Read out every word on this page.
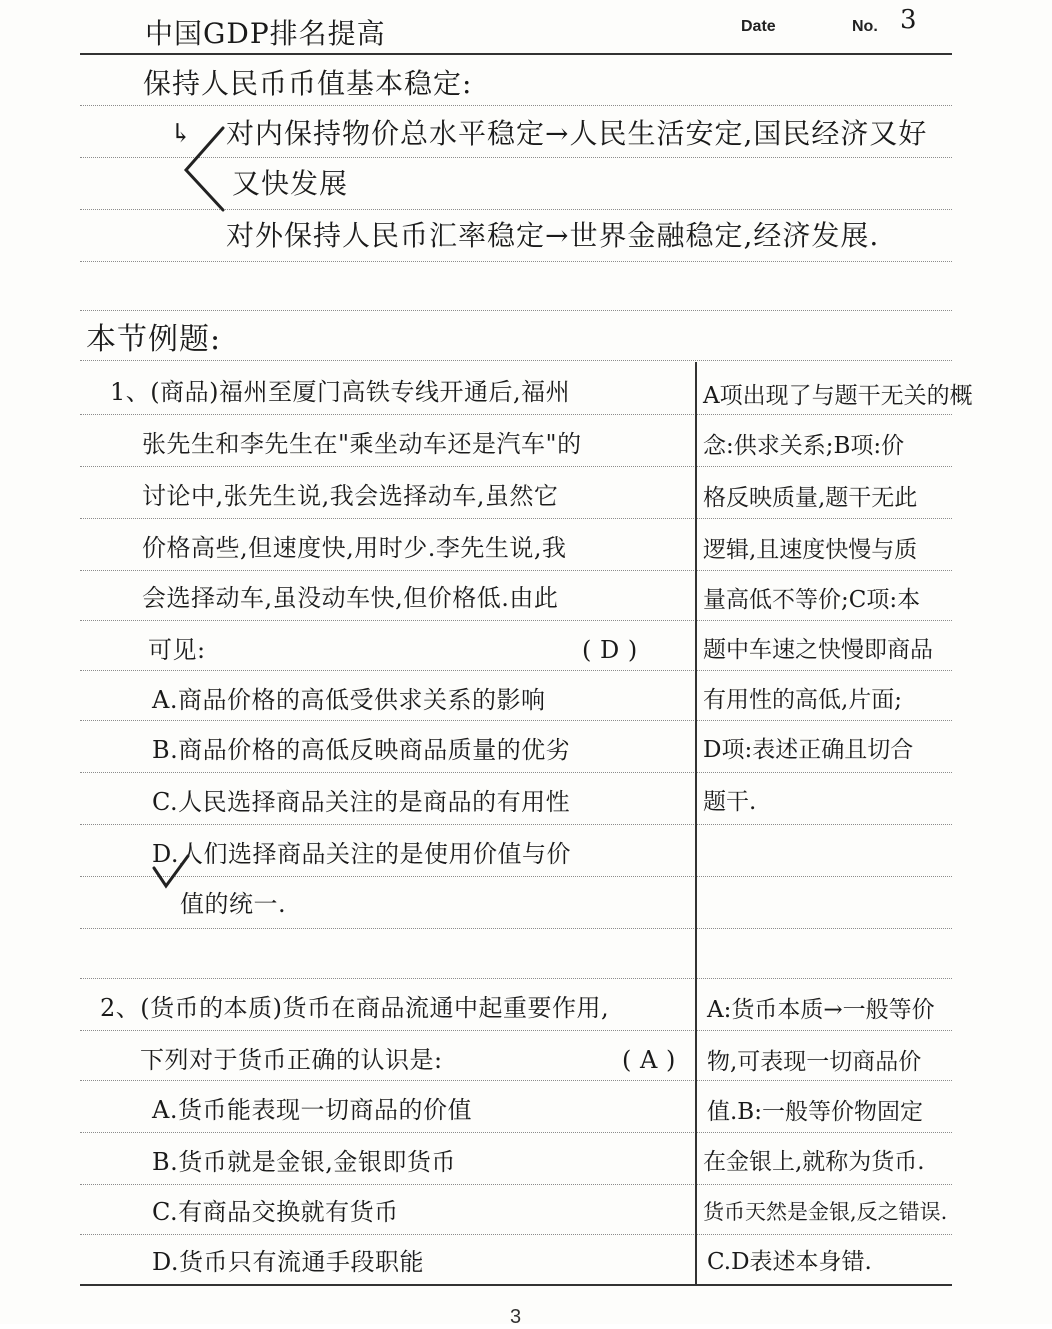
中国GDP排名提高	Date	No. 3
保持人民币币值基本稳定:
↳ 对内保持物价总水平稳定→人民生活安定,国民经济又好
又快发展
对外保持人民币汇率稳定→世界金融稳定,经济发展.
本节例题:
1、(商品)福州至厦门高铁专线开通后,福州
张先生和李先生在"乘坐动车还是汽车"的
讨论中,张先生说,我会选择动车,虽然它
价格高些,但速度快,用时少.李先生说,我
会选择动车,虽没动车快,但价格低.由此
可见:	( D )
A.商品价格的高低受供求关系的影响
B.商品价格的高低反映商品质量的优劣
C.人民选择商品关注的是商品的有用性
D.人们选择商品关注的是使用价值与价
值的统一.
A项出现了与题干无关的概
念:供求关系;B项:价
格反映质量,题干无此
逻辑,且速度快慢与质
量高低不等价;C项:本
题中车速之快慢即商品
有用性的高低,片面;
D项:表述正确且切合
题干.
2、(货币的本质)货币在商品流通中起重要作用,
下列对于货币正确的认识是:	( A )
A.货币能表现一切商品的价值
B.货币就是金银,金银即货币
C.有商品交换就有货币
D.货币只有流通手段职能
A:货币本质→一般等价
物,可表现一切商品价
值.B:一般等价物固定
在金银上,就称为货币.
货币天然是金银,反之错误.
C.D表述本身错.
3
